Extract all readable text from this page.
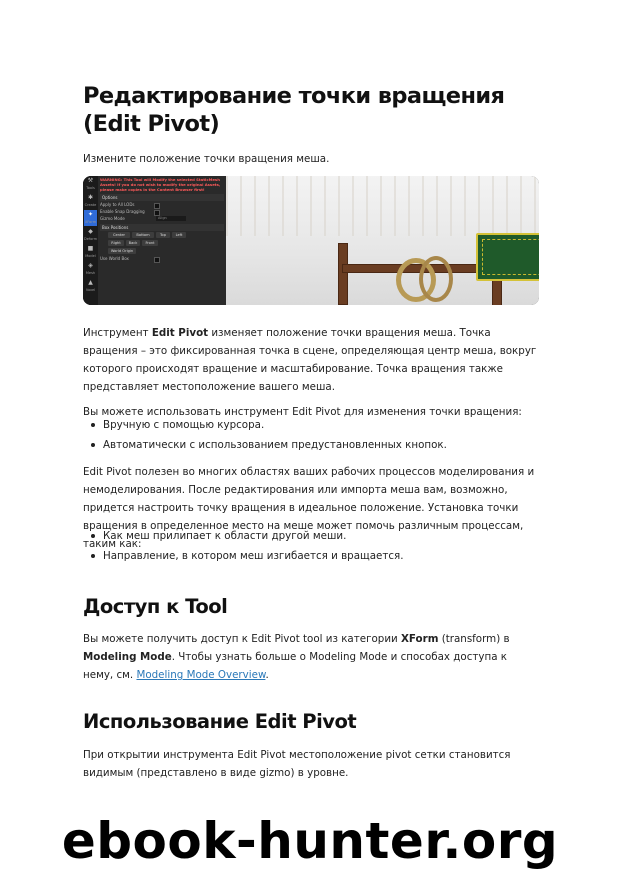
Редактирование точки вращения (Edit Pivot)

Измените положение точки вращения меша.

⚒
Tools
✱
Create
✦
XForm
◆
Deform
■
Model
◈
Mesh
▲
Voxel
WARNING: This Tool will Modify the selected StaticMesh Assets! If you do not wish to modify the original Assets, please make copies in the Content Browser first!
Options
Apply to All LODs
Enable Snap Dragging
Gizmo Mode	Align
Box Positions
Center	Bottom	Top	Left
Right	Back	Front
World Origin
Use World Box

Инструмент Edit Pivot изменяет положение точки вращения меша. Точка вращения – это фиксированная точка в сцене, определяющая центр меша, вокруг которого происходят вращение и масштабирование. Точка вращения также представляет местоположение вашего меша.

Вы можете использовать инструмент Edit Pivot для изменения точки вращения:

Вручную с помощью курсора.
Автоматически с использованием предустановленных кнопок.

Edit Pivot полезен во многих областях ваших рабочих процессов моделирования и немоделирования. После редактирования или импорта меша вам, возможно, придется настроить точку вращения в идеальное положение. Установка точки вращения в определенное место на меше может помочь различным процессам, таким как:

Как меш прилипает к области другой меши.
Направление, в котором меш изгибается и вращается.
Доступ к Tool

Вы можете получить доступ к Edit Pivot tool из категории XForm (transform) в Modeling Mode. Чтобы узнать больше о Modeling Mode и способах доступа к нему, см. Modeling Mode Overview.

Использование Edit Pivot

При открытии инструмента Edit Pivot местоположение pivot сетки становится видимым (представлено в виде gizmo) в уровне.

ebook-hunter.org
